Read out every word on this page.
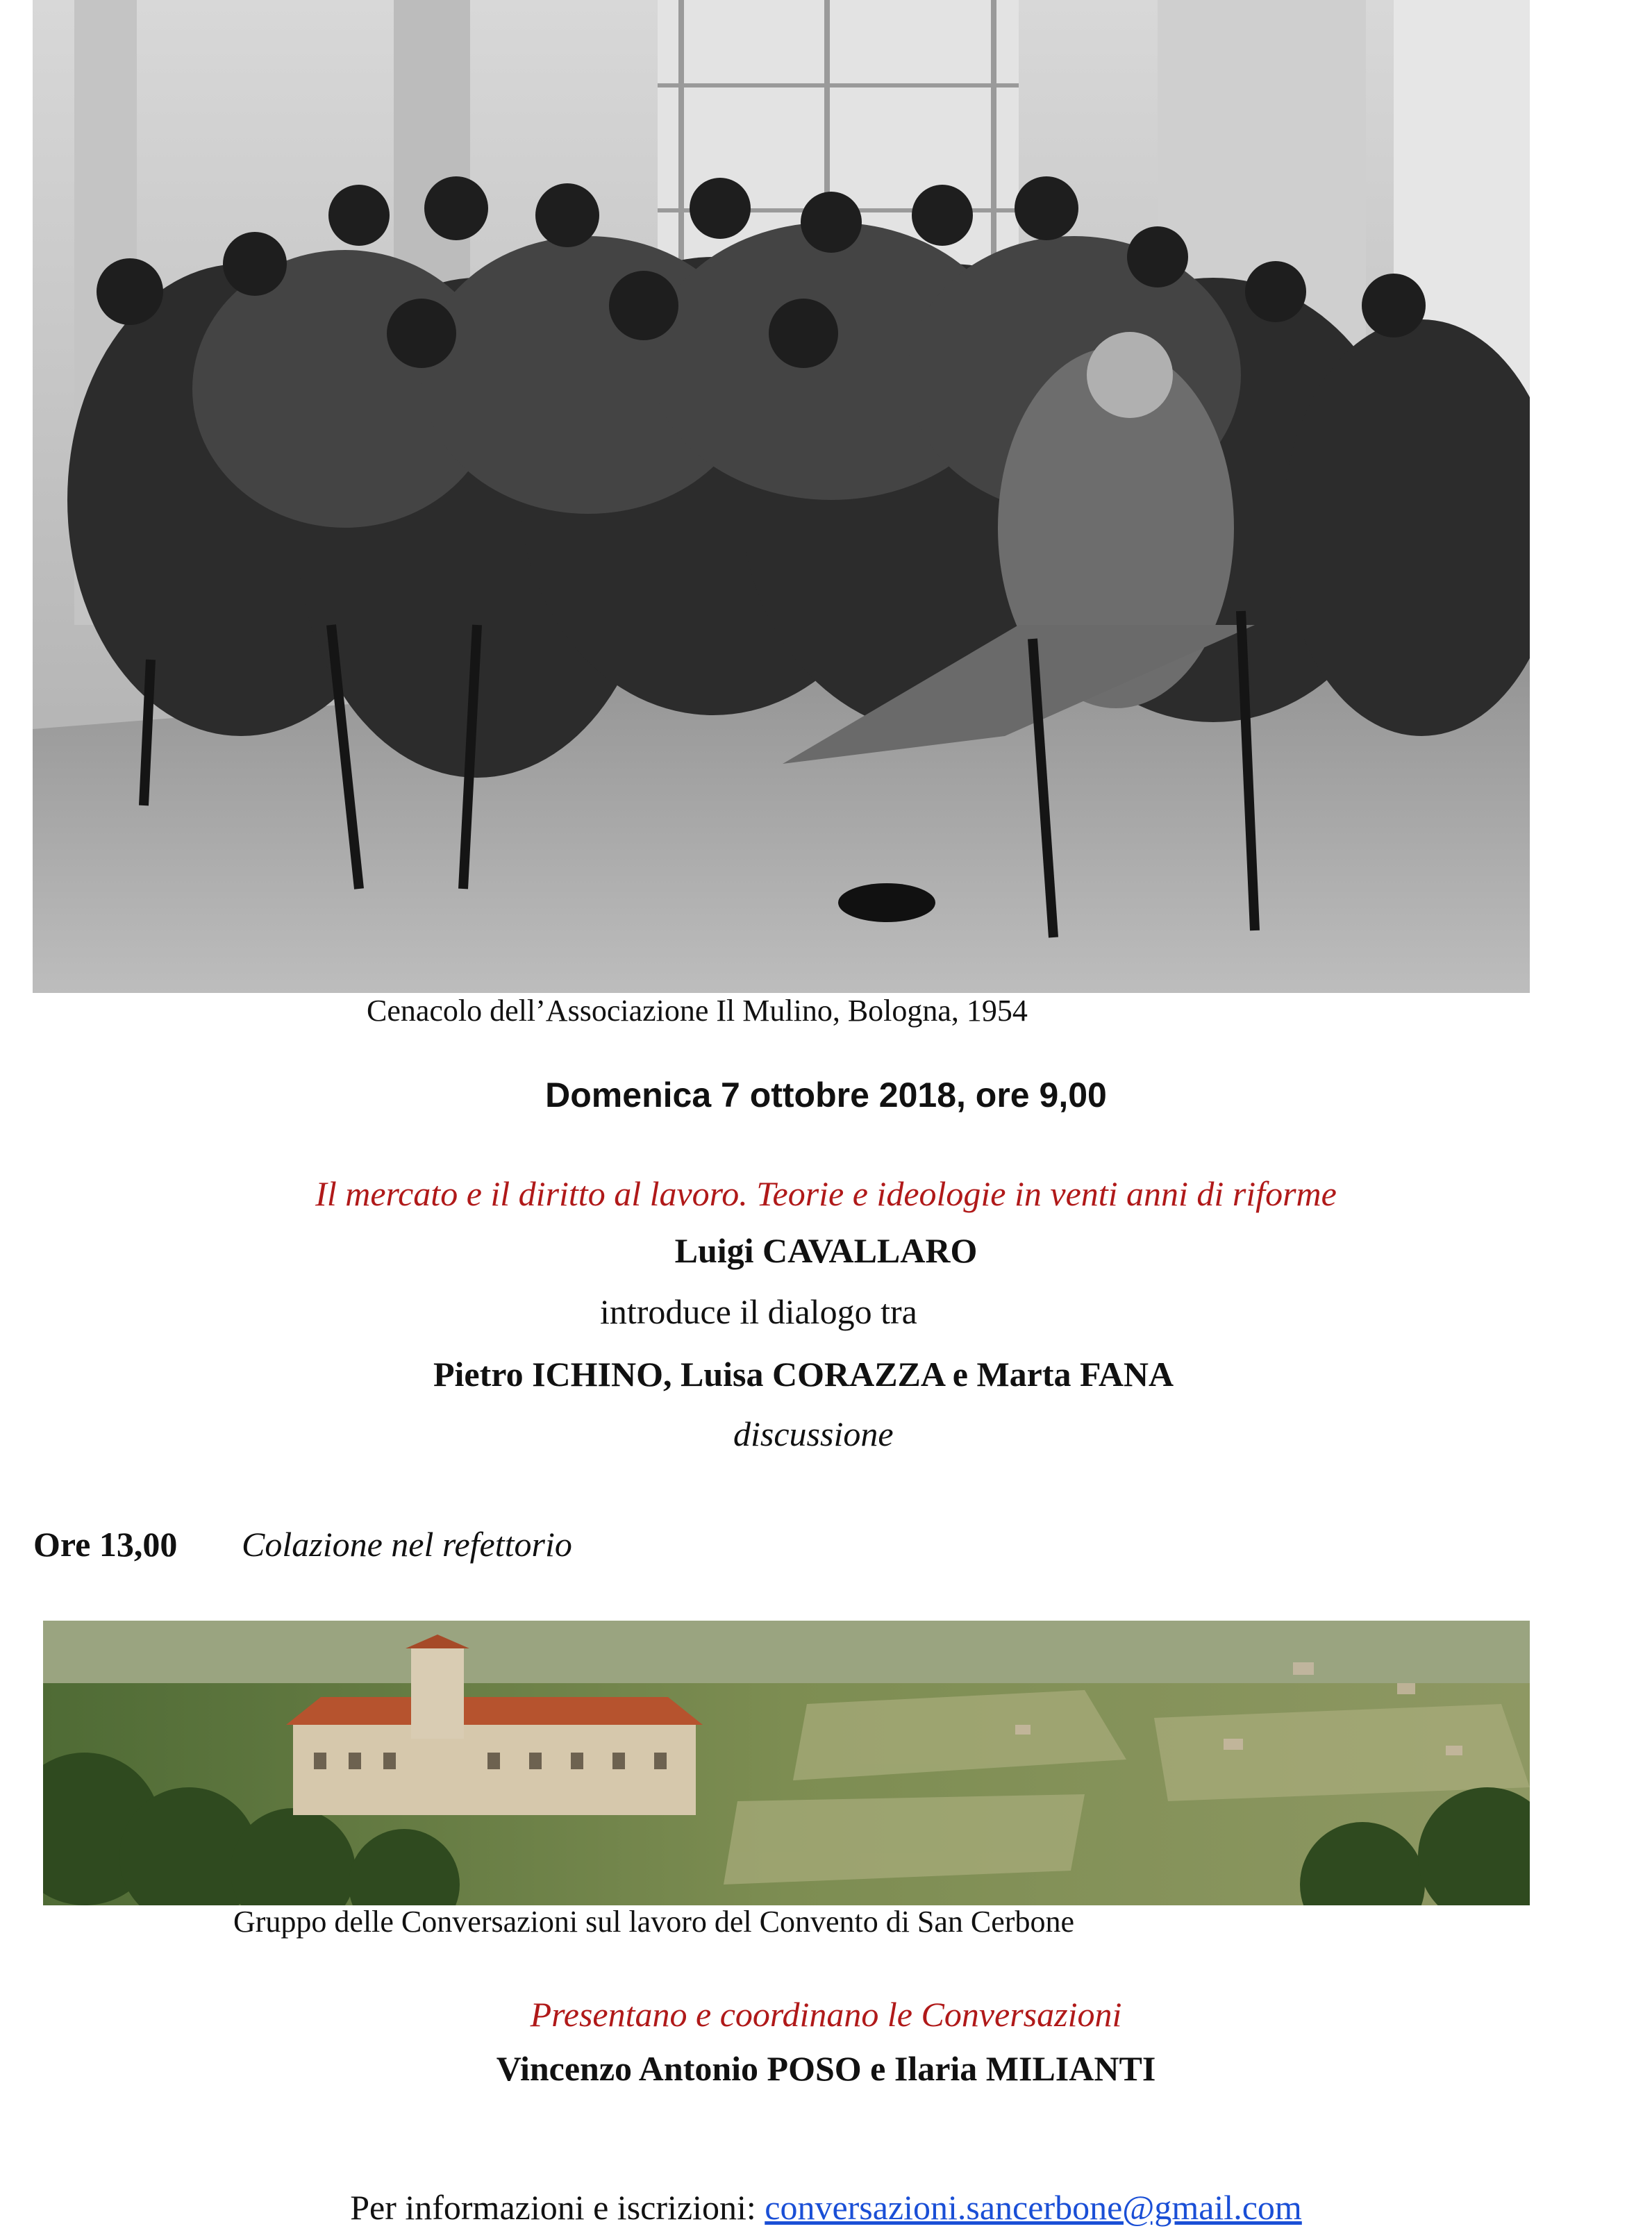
Cenacolo dell’Associazione Il Mulino, Bologna, 1954
Domenica 7 ottobre 2018, ore 9,00
Il mercato e il diritto al lavoro. Teorie e ideologie in venti anni di riforme
Luigi CAVALLARO
introduce il dialogo tra
Pietro ICHINO, Luisa CORAZZA e Marta FANA
discussione
Ore 13,00 Colazione nel refettorio
Gruppo delle Conversazioni sul lavoro del Convento di San Cerbone
Presentano e coordinano le Conversazioni
Vincenzo Antonio POSO e Ilaria MILIANTI
Per informazioni e iscrizioni: conversazioni.sancerbone@gmail.com
